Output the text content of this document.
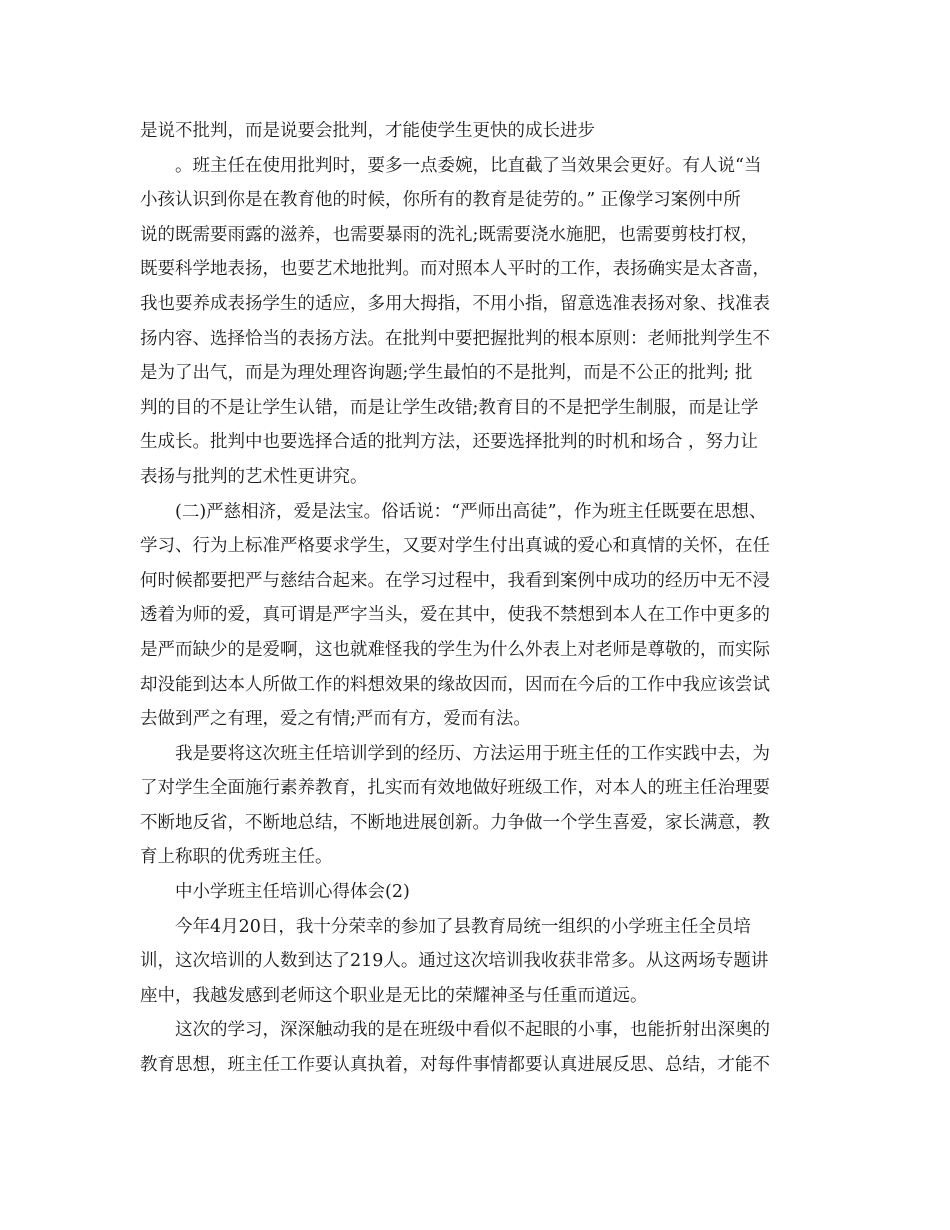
是说不批判，而是说要会批判，才能使学生更快的成长进步
。班主任在使用批判时，要多一点委婉，比直截了当效果会更好。有人说“当
小孩认识到你是在教育他的时候，你所有的教育是徒劳的。” 正像学习案例中所
说的既需要雨露的滋养，也需要暴雨的洗礼;既需要浇水施肥，也需要剪枝打杈，
既要科学地表扬，也要艺术地批判。而对照本人平时的工作，表扬确实是太吝啬，
我也要养成表扬学生的适应，多用大拇指，不用小指，留意选准表扬对象、找准表
扬内容、选择恰当的表扬方法。在批判中要把握批判的根本原则：老师批判学生不
是为了出气，而是为理处理咨询题;学生最怕的不是批判，而是不公正的批判; 批
判的目的不是让学生认错，而是让学生改错;教育目的不是把学生制服，而是让学
生成长。批判中也要选择合适的批判方法，还要选择批判的时机和场合 ，努力让
表扬与批判的艺术性更讲究。
(二)严慈相济，爱是法宝。俗话说：“严师出高徒”，作为班主任既要在思想、
学习、行为上标准严格要求学生，又要对学生付出真诚的爱心和真情的关怀，在任
何时候都要把严与慈结合起来。在学习过程中，我看到案例中成功的经历中无不浸
透着为师的爱，真可谓是严字当头，爱在其中，使我不禁想到本人在工作中更多的
是严而缺少的是爱啊，这也就难怪我的学生为什么外表上对老师是尊敬的，而实际
却没能到达本人所做工作的料想效果的缘故因而，因而在今后的工作中我应该尝试
去做到严之有理，爱之有情;严而有方，爱而有法。
我是要将这次班主任培训学到的经历、方法运用于班主任的工作实践中去，为
了对学生全面施行素养教育，扎实而有效地做好班级工作，对本人的班主任治理要
不断地反省，不断地总结，不断地进展创新。力争做一个学生喜爱，家长满意，教
育上称职的优秀班主任。
中小学班主任培训心得体会(2)
今年4月20日，我十分荣幸的参加了县教育局统一组织的小学班主任全员培
训，这次培训的人数到达了219人。通过这次培训我收获非常多。从这两场专题讲
座中，我越发感到老师这个职业是无比的荣耀神圣与任重而道远。
这次的学习，深深触动我的是在班级中看似不起眼的小事，也能折射出深奥的
教育思想，班主任工作要认真执着，对每件事情都要认真进展反思、总结，才能不
